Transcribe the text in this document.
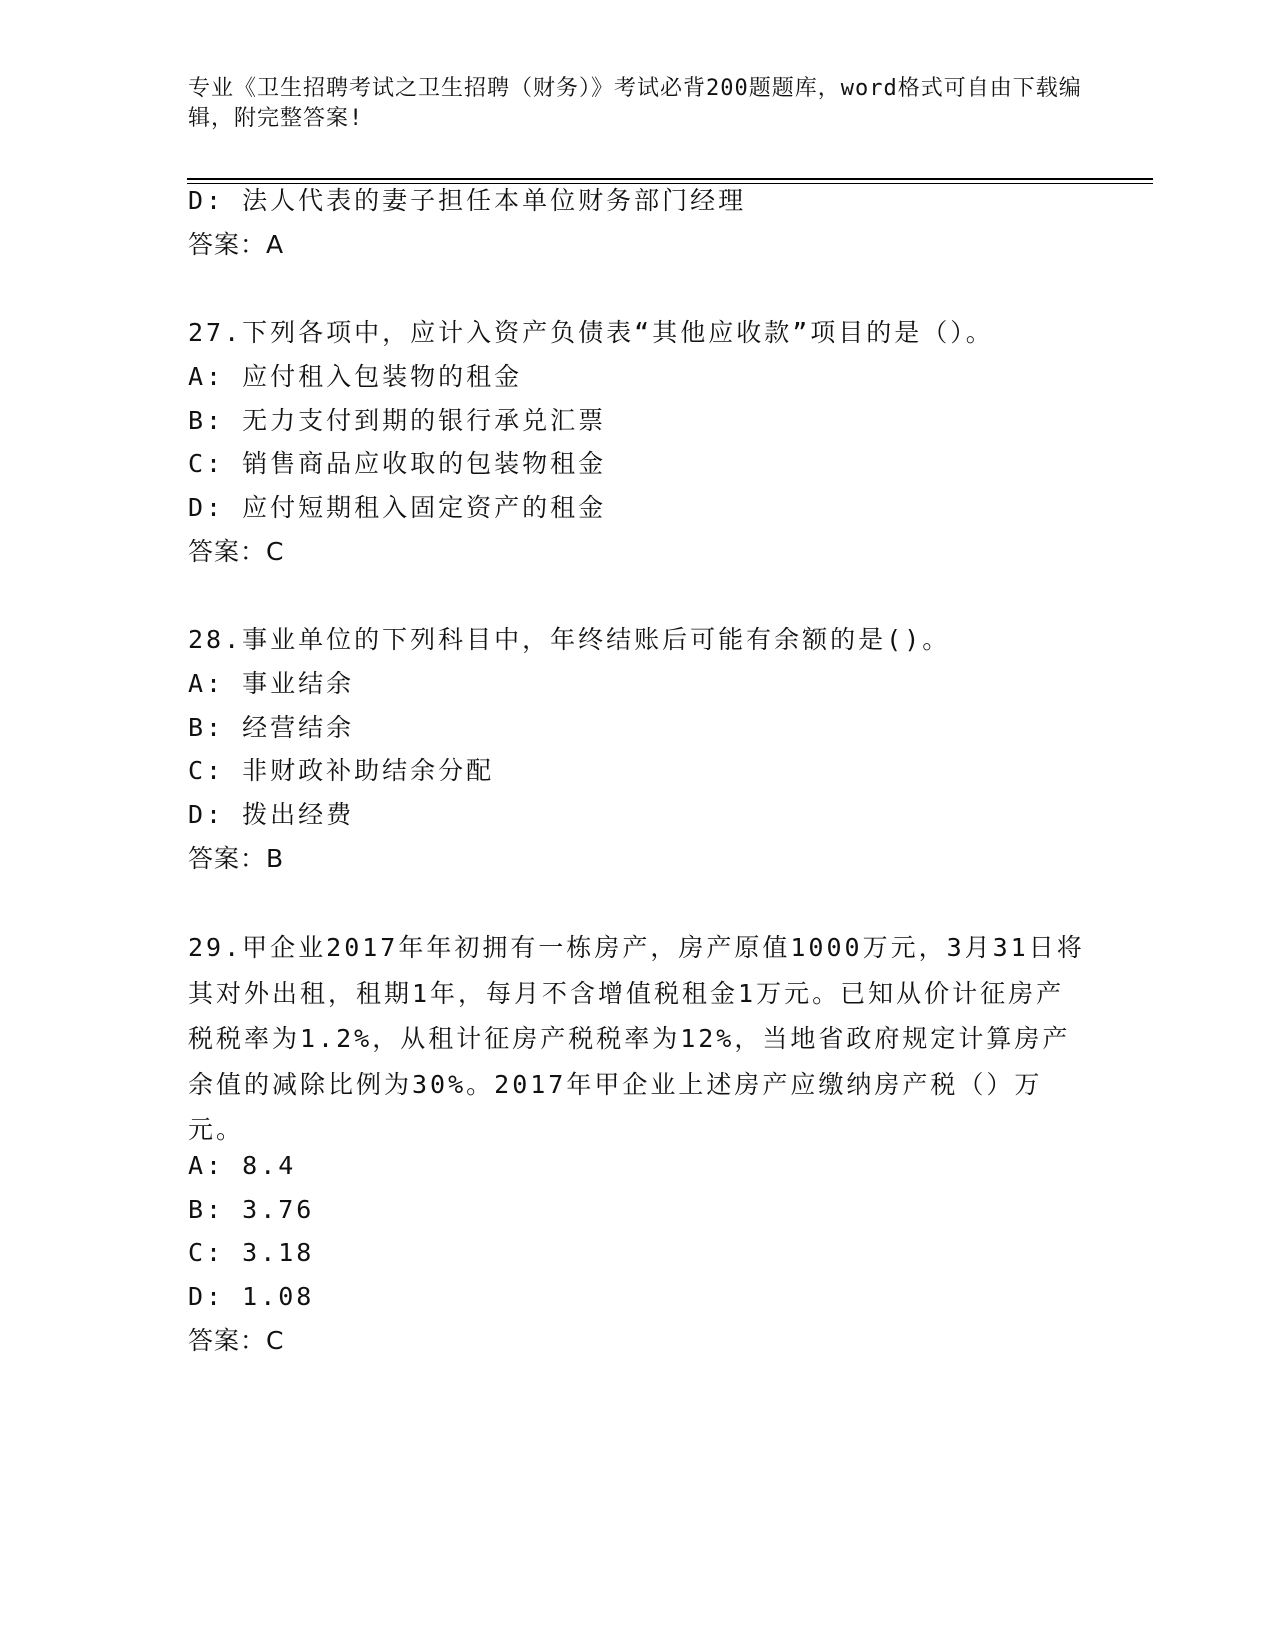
专业《卫生招聘考试之卫生招聘（财务）》考试必背200题题库，word格式可自由下载编辑，附完整答案!
D: 法人代表的妻子担任本单位财务部门经理
答案：A
27.下列各项中，应计入资产负债表“其他应收款”项目的是（）。
A: 应付租入包装物的租金
B: 无力支付到期的银行承兑汇票
C: 销售商品应收取的包装物租金
D: 应付短期租入固定资产的租金
答案：C
28.事业单位的下列科目中，年终结账后可能有余额的是()。
A: 事业结余
B: 经营结余
C: 非财政补助结余分配
D: 拨出经费
答案：B
29.甲企业2017年年初拥有一栋房产，房产原值1000万元，3月31日将其对外出租，租期1年，每月不含增值税租金1万元。已知从价计征房产税税率为1.2%，从租计征房产税税率为12%，当地省政府规定计算房产余值的减除比例为30%。2017年甲企业上述房产应缴纳房产税（）万元。
A: 8.4
B: 3.76
C: 3.18
D: 1.08
答案：C
